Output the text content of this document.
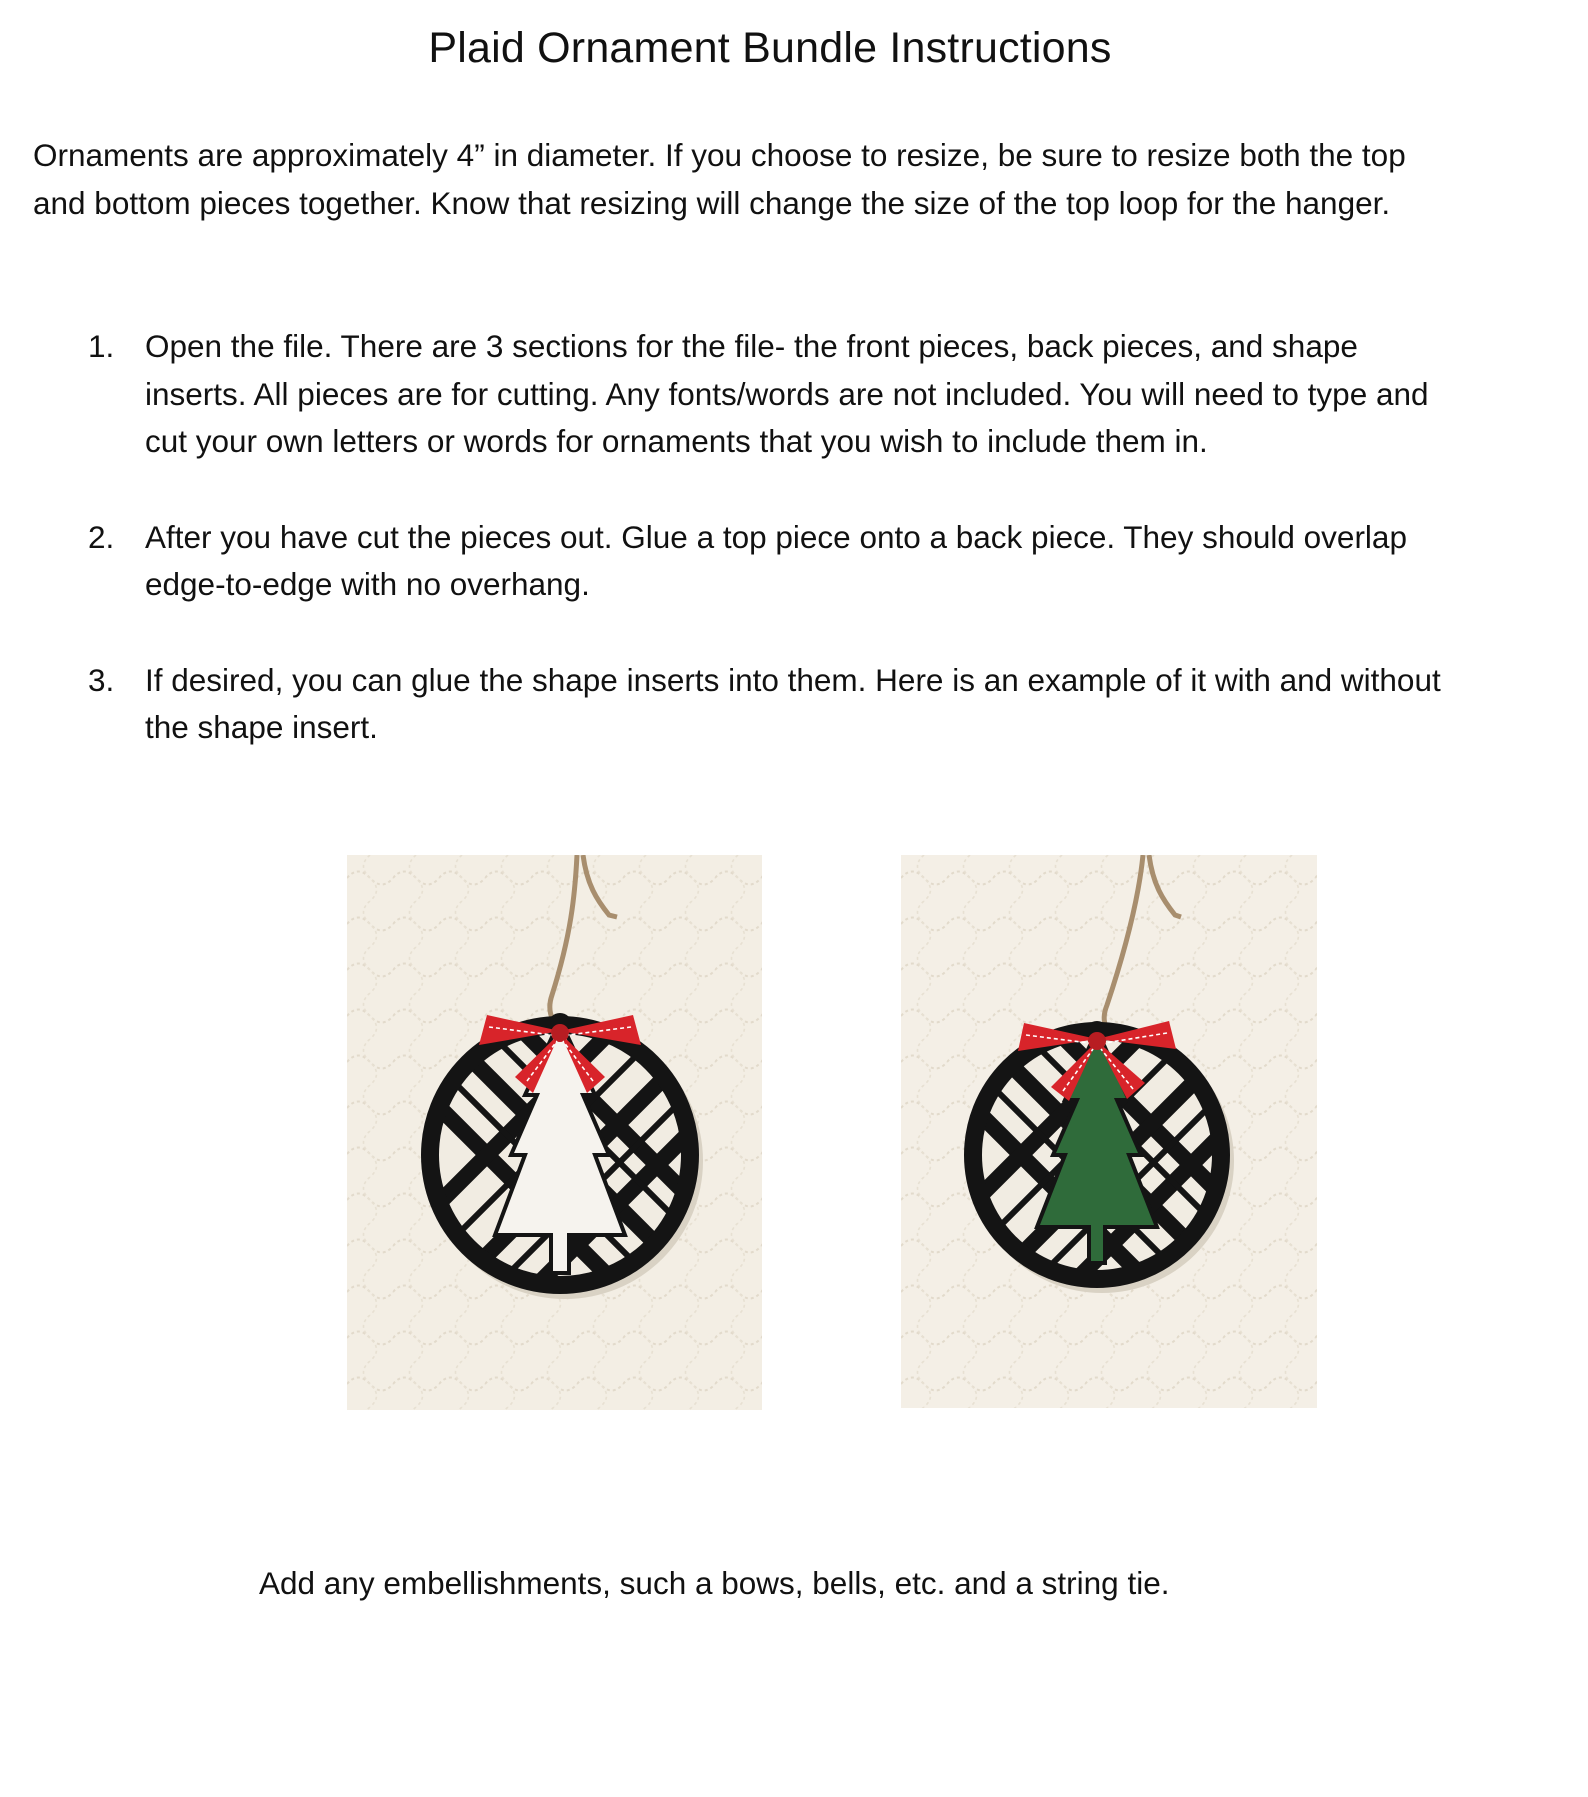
Plaid Ornament Bundle Instructions

Ornaments are approximately 4” in diameter. If you choose to resize, be sure to resize both the top and bottom pieces together. Know that resizing will change the size of the top loop for the hanger.

1. Open the file. There are 3 sections for the file- the front pieces, back pieces, and shape inserts. All pieces are for cutting. Any fonts/words are not included. You will need to type and cut your own letters or words for ornaments that you wish to include them in.
2. After you have cut the pieces out. Glue a top piece onto a back piece. They should overlap edge-to-edge with no overhang.
3. If desired, you can glue the shape inserts into them. Here is an example of it with and without the shape insert.

Add any embellishments, such a bows, bells, etc. and a string tie.
